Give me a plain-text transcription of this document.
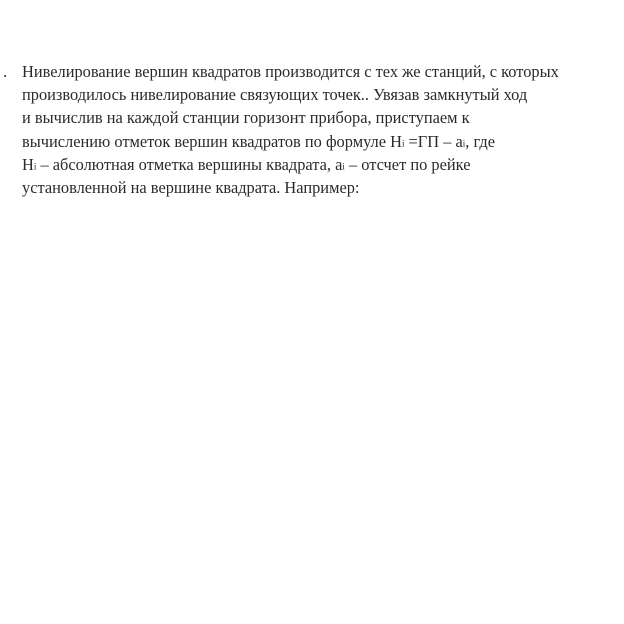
. Нивелирование вершин квадратов производится с тех же станций, с которых
производилось нивелирование связующих точек.. Увязав замкнутый ход
и вычислив на каждой станции горизонт прибора, приступаем к
вычислению отметок вершин квадратов по формуле $H_i =ГП - a_i$, где
$H_i$ – абсолютная отметка вершины квадрата, $a_i$ – отсчет по рейке
установленной на вершине квадрата. Например:
